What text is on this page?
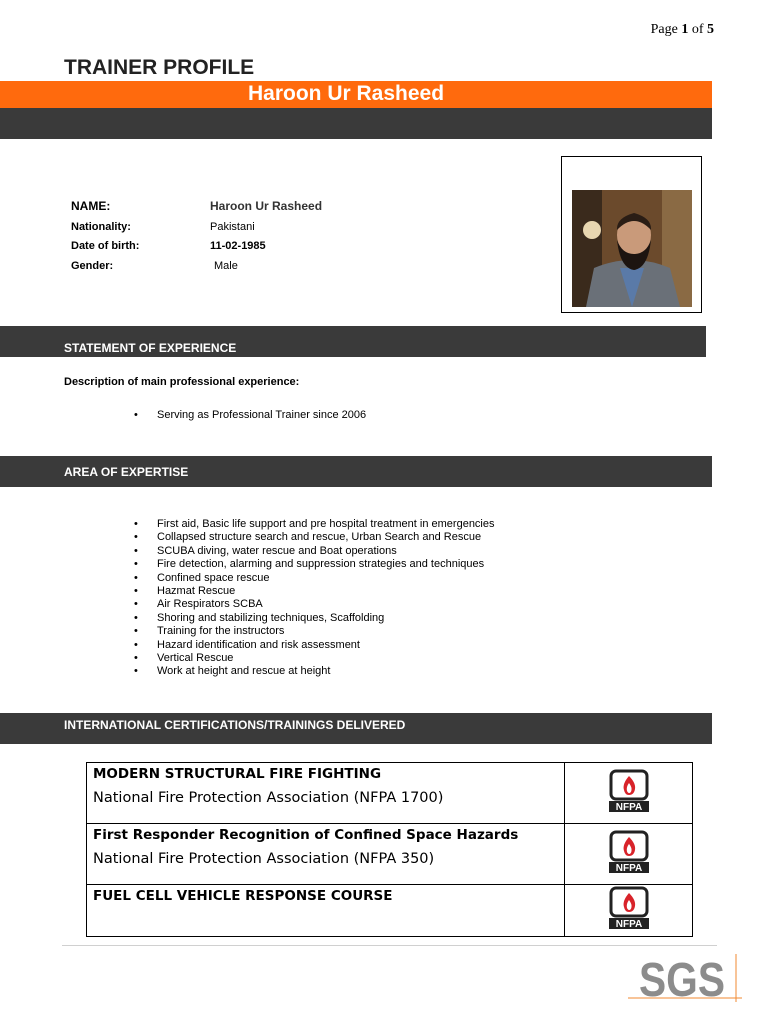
Page 1 of 5
TRAINER PROFILE
Haroon Ur Rasheed
NAME:	Haroon Ur Rasheed
Nationality:	Pakistani
Date of birth:	11-02-1985
Gender:	Male
STATEMENT OF EXPERIENCE
Description of main professional experience:
• Serving as Professional Trainer since 2006
AREA OF EXPERTISE
• First aid, Basic life support and pre hospital treatment in emergencies
• Collapsed structure search and rescue, Urban Search and Rescue
• SCUBA diving, water rescue and Boat operations
• Fire detection, alarming and suppression strategies and techniques
• Confined space rescue
• Hazmat Rescue
• Air Respirators SCBA
• Shoring and stabilizing techniques, Scaffolding
• Training for the instructors
• Hazard identification and risk assessment
• Vertical Rescue
• Work at height and rescue at height
INTERNATIONAL CERTIFICATIONS/TRAININGS DELIVERED
MODERN STRUCTURAL FIRE FIGHTING
National Fire Protection Association (NFPA 1700)	NFPA

First Responder Recognition of Confined Space Hazards
National Fire Protection Association (NFPA 350)	NFPA

FUEL CELL VEHICLE RESPONSE COURSE	NFPA
SGS
